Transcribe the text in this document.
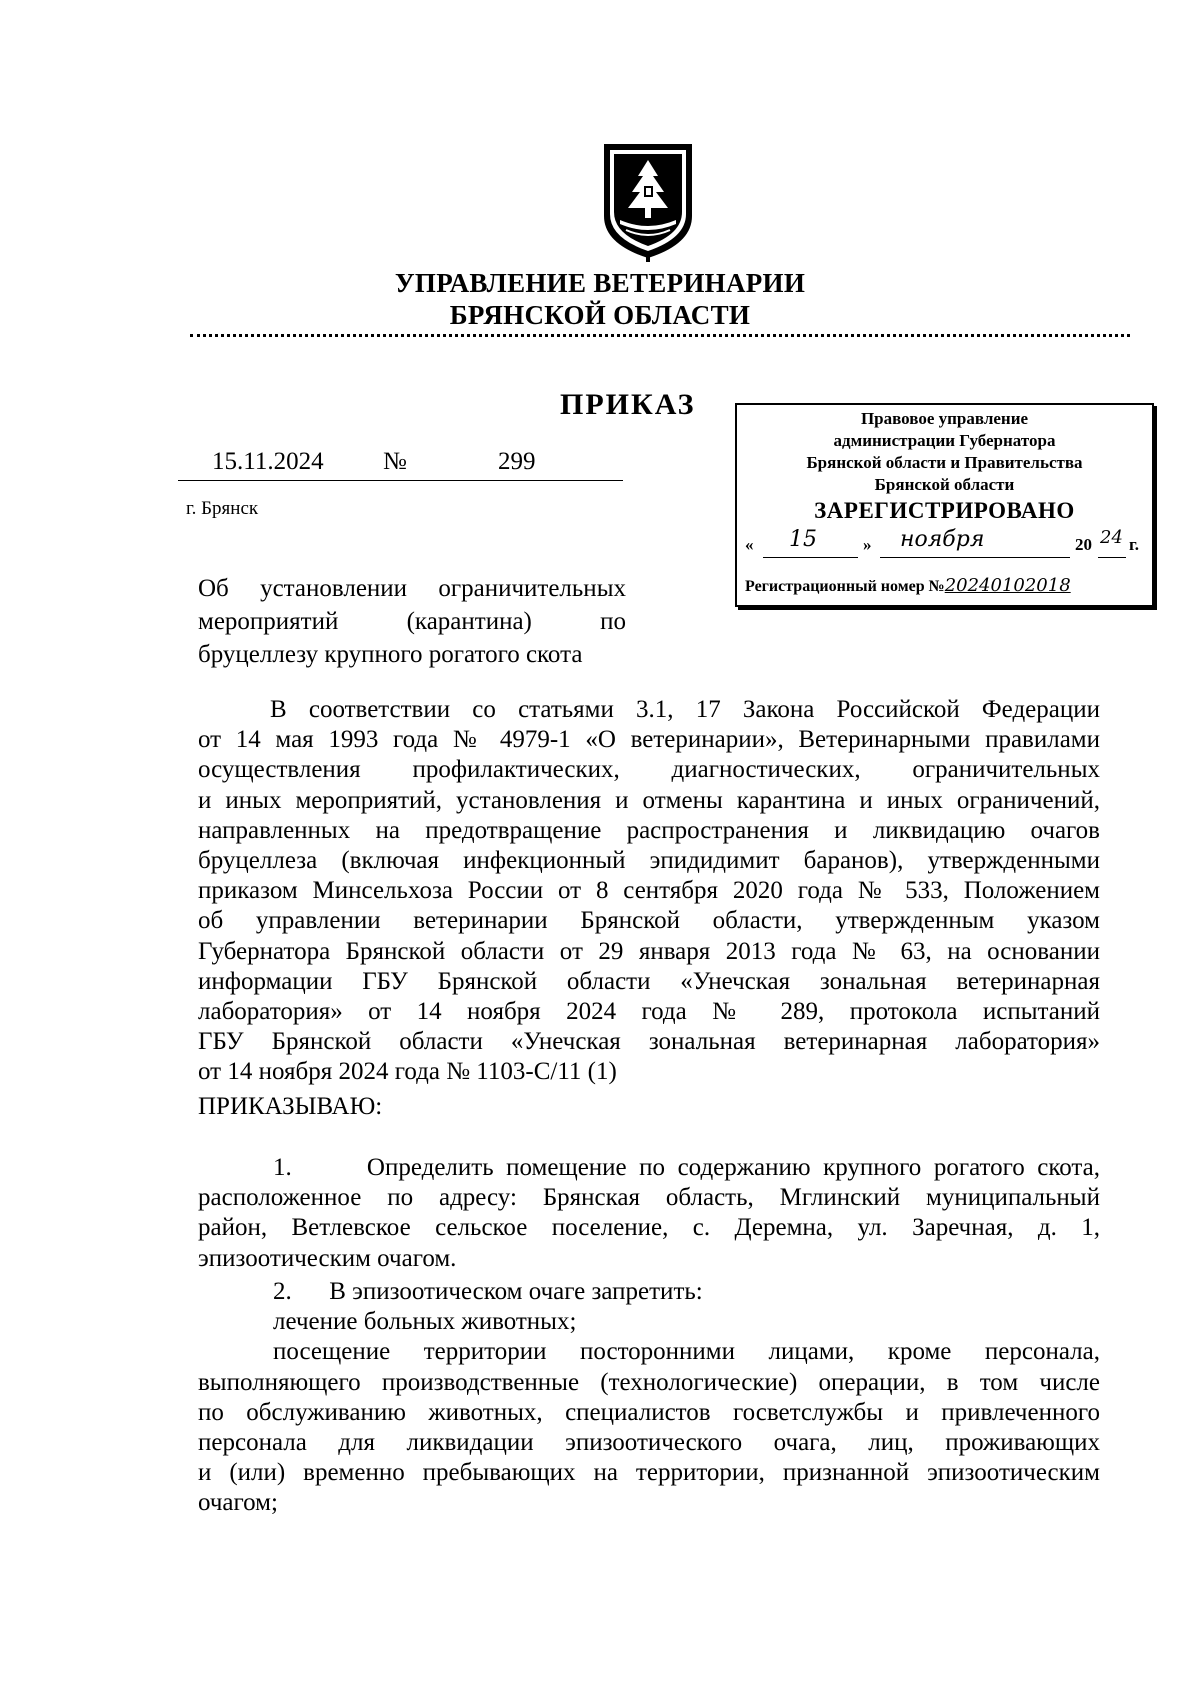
УПРАВЛЕНИЕ ВЕТЕРИНАРИИ
БРЯНСКОЙ ОБЛАСТИ
ПРИКАЗ
15.11.2024 №	299
г. Брянск
Правовое управление
администрации Губернатора
Брянской области и Правительства
Брянской области
ЗАРЕГИСТРИРОВАНО
« 15	» ноября	20 24 г.
Регистрационный номер №20240102018
Об установлении ограничительных
мероприятий (карантина) по
бруцеллезу крупного рогатого скота
В соответствии со статьями 3.1, 17 Закона Российской Федерации
от 14 мая 1993 года № 4979-1 «О ветеринарии», Ветеринарными правилами
осуществления профилактических, диагностических, ограничительных
и иных мероприятий, установления и отмены карантина и иных ограничений,
направленных на предотвращение распространения и ликвидацию очагов
бруцеллеза (включая инфекционный эпидидимит баранов), утвержденными
приказом Минсельхоза России от 8 сентября 2020 года № 533, Положением
об управлении ветеринарии Брянской области, утвержденным указом
Губернатора Брянской области от 29 января 2013 года № 63, на основании
информации ГБУ Брянской области «Унечская зональная ветеринарная
лаборатория» от 14 ноября 2024 года № 289, протокола испытаний
ГБУ Брянской области «Унечская зональная ветеринарная лаборатория»
от 14 ноября 2024 года № 1103-С/11 (1)
ПРИКАЗЫВАЮ:
1.      Определить помещение по содержанию крупного рогатого скота,
расположенное по адресу: Брянская область, Мглинский муниципальный
район, Ветлевское сельское поселение, с. Деремна, ул. Заречная, д. 1,
эпизоотическим очагом.
2.      В эпизоотическом очаге запретить:
лечение больных животных;
посещение территории посторонними лицами, кроме персонала,
выполняющего производственные (технологические) операции, в том числе
по обслуживанию животных, специалистов госветслужбы и привлеченного
персонала для ликвидации эпизоотического очага, лиц, проживающих
и (или) временно пребывающих на территории, признанной эпизоотическим
очагом;
